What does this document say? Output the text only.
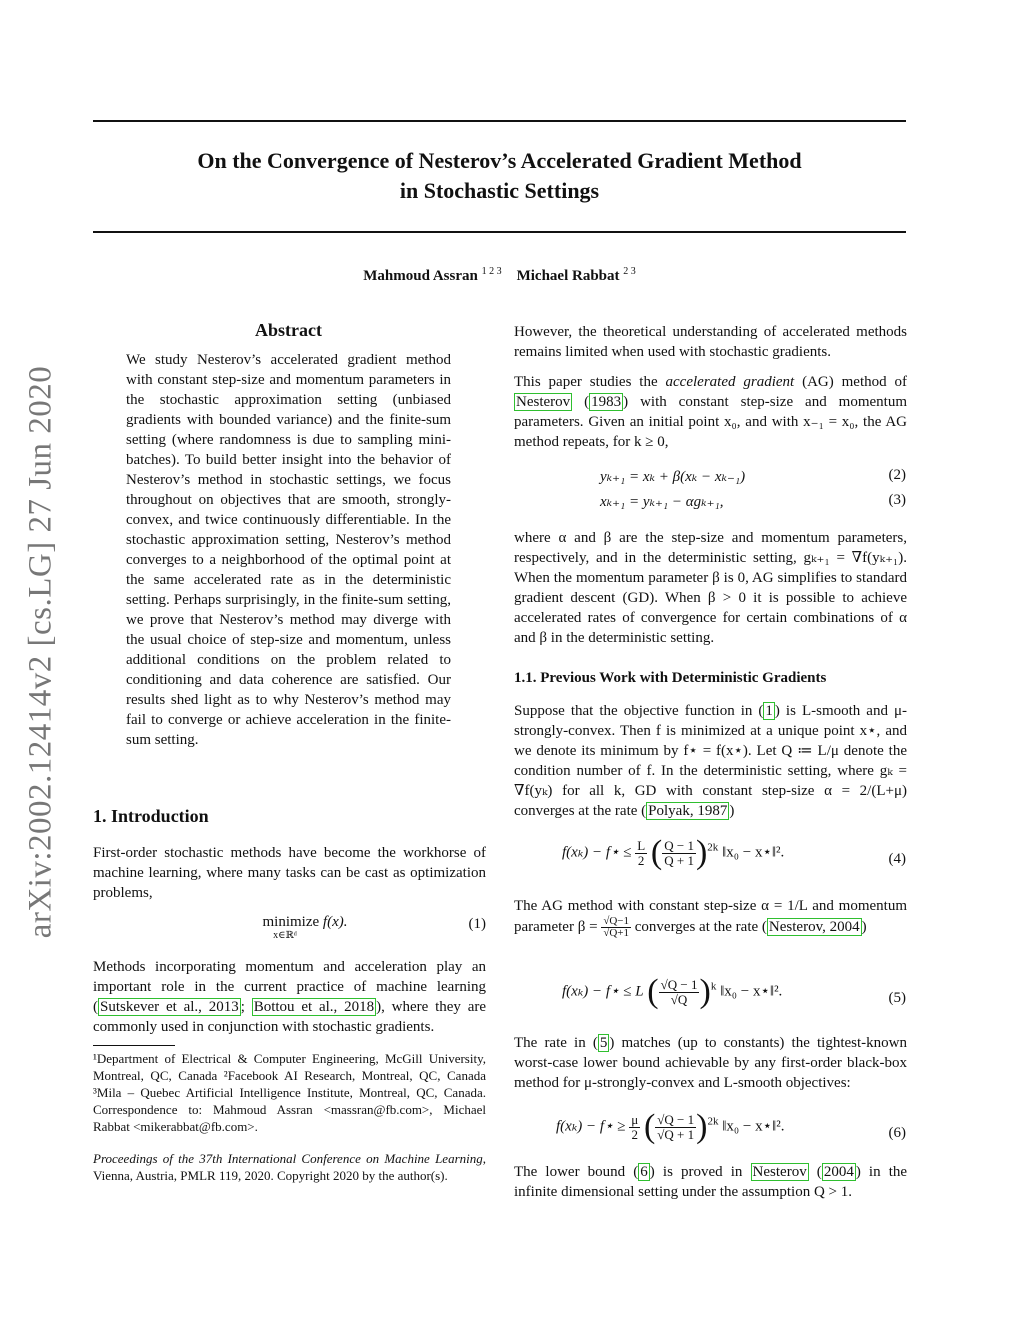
arXiv:2002.12414v2 [cs.LG] 27 Jun 2020
On the Convergence of Nesterov’s Accelerated Gradient Method
in Stochastic Settings
Mahmoud Assran $^{1 2 3}$ Michael Rabbat $^{2 3}$
Abstract
We study Nesterov’s accelerated gradient method with constant step-size and momentum parameters in the stochastic approximation setting (unbiased gradients with bounded variance) and the finite-sum setting (where randomness is due to sampling mini-batches). To build better insight into the behavior of Nesterov’s method in stochastic settings, we focus throughout on objectives that are smooth, strongly-convex, and twice continuously differentiable. In the stochastic approximation setting, Nesterov’s method converges to a neighborhood of the optimal point at the same accelerated rate as in the deterministic setting. Perhaps surprisingly, in the finite-sum setting, we prove that Nesterov’s method may diverge with the usual choice of step-size and momentum, unless additional conditions on the problem related to conditioning and data coherence are satisfied. Our results shed light as to why Nesterov’s method may fail to converge or achieve acceleration in the finite-sum setting.
1. Introduction
First-order stochastic methods have become the workhorse of machine learning, where many tasks can be cast as optimization problems,
minimize f(x).
x∈ℝᵈ
(1)
Methods incorporating momentum and acceleration play an important role in the current practice of machine learning ( Sutskever et al., 2013 ; Bottou et al., 2018 ), where they are commonly used in conjunction with stochastic gradients.
¹Department of Electrical & Computer Engineering, McGill University, Montreal, QC, Canada ²Facebook AI Research, Montreal, QC, Canada ³Mila – Quebec Artificial Intelligence Institute, Montreal, QC, Canada. Correspondence to: Mahmoud Assran <massran@fb.com>, Michael Rabbat <mikerabbat@fb.com>.
Proceedings of the 37th International Conference on Machine Learning, Vienna, Austria, PMLR 119, 2020. Copyright 2020 by the author(s).
However, the theoretical understanding of accelerated methods remains limited when used with stochastic gradients.
This paper studies the accelerated gradient (AG) method of Nesterov ( 1983 ) with constant step-size and momentum parameters. Given an initial point x₀, and with x₋₁ = x₀, the AG method repeats, for k ≥ 0,
yₖ₊₁ = xₖ + β(xₖ − xₖ₋₁)	(2)
xₖ₊₁ = yₖ₊₁ − αgₖ₊₁,	(3)
where α and β are the step-size and momentum parameters, respectively, and in the deterministic setting, gₖ₊₁ = ∇f(yₖ₊₁). When the momentum parameter β is 0, AG simplifies to standard gradient descent (GD). When β > 0 it is possible to achieve accelerated rates of convergence for certain combinations of α and β in the deterministic setting.
1.1. Previous Work with Deterministic Gradients
Suppose that the objective function in ( 1 ) is L-smooth and μ-strongly-convex. Then f is minimized at a unique point x⋆, and we denote its minimum by f⋆ = f(x⋆). Let Q ≔ L/μ denote the condition number of f. In the deterministic setting, where gₖ = ∇f(yₖ) for all k, GD with constant step-size α = 2/(L+μ) converges at the rate ( Polyak, 1987 )
f(xₖ) − f⋆ ≤ $\frac{L}{2}$ ( $\frac{Q - 1}{Q + 1} )^{2k}$ ‖x₀ − x⋆‖².	(4)
The AG method with constant step-size α = 1/L and momentum parameter $\beta = \frac{√Q-1}{√Q+1}$ converges at the rate ( Nesterov, 2004 )
f(xₖ) − f⋆ ≤ L ( $\frac{√Q - 1}{√Q} )^k$ ‖x₀ − x⋆‖².	(5)
The rate in ( 5 ) matches (up to constants) the tightest-known worst-case lower bound achievable by any first-order black-box method for μ-strongly-convex and L-smooth objectives:
f(xₖ) − f⋆ ≥ $\frac{\mu}{2}$ ( $\frac{√Q - 1}{√Q + 1} )^{2k}$ ‖x₀ − x⋆‖².	(6)
The lower bound ( 6 ) is proved in Nesterov ( 2004 ) in the infinite dimensional setting under the assumption Q > 1.
